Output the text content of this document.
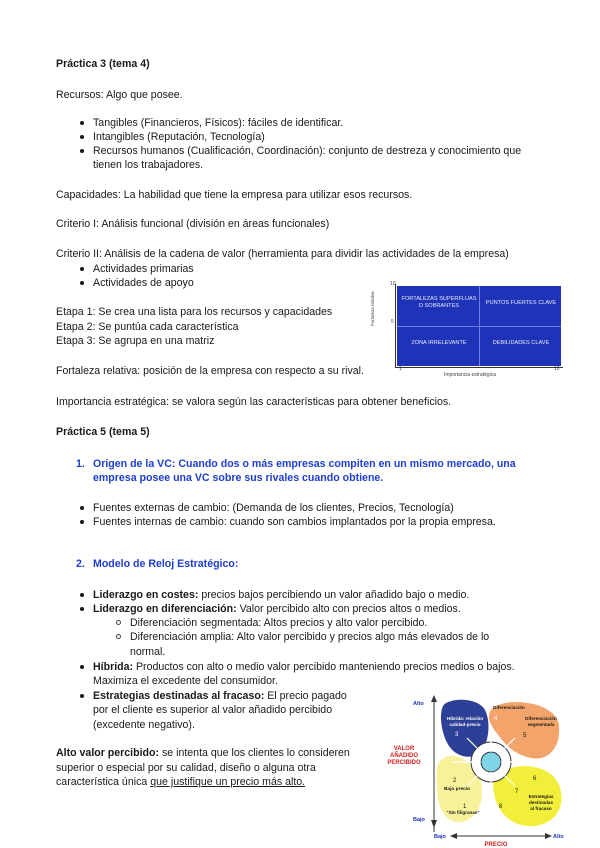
Práctica 3 (tema 4)
Recursos: Algo que posee.
Tangibles (Financieros, Físicos): fáciles de identificar.
Intangibles (Reputación, Tecnología)
Recursos humanos (Cualificación, Coordinación): conjunto de destreza y conocimiento que
tienen los trabajadores.
Capacidades: La habilidad que tiene la empresa para utilizar esos recursos.
Criterio I: Análisis funcional (división en áreas funcionales)
Criterio II: Análisis de la cadena de valor (herramienta para dividir las actividades de la empresa)
Actividades primarias
Actividades de apoyo
Etapa 1: Se crea una lista para los recursos y capacidades
Etapa 2: Se puntúa cada característica
Etapa 3: Se agrupa en una matriz
Fortaleza relativa: posición de la empresa con respecto a su rival.
Importancia estratégica: se valora según las características para obtener beneficios.
Fortaleza relativa
10
5
FORTALEZAS SUPERFLUAS D SOBRANTES	PUNTOS FUERTES CLAVE
ZONA IRRELEVANTE	DEBILIDADES CLAVE
1	10
Importancia estratégica
Práctica 5 (tema 5)
1. Origen de la VC: Cuando dos o más empresas compiten en un mismo mercado, una
empresa posee una VC sobre sus rivales cuando obtiene.
Fuentes externas de cambio: (Demanda de los clientes, Precios, Tecnología)
Fuentes internas de cambio: cuando son cambios implantados por la propia empresa.
2. Modelo de Reloj Estratégico:
Liderazgo en costes: precios bajos percibiendo un valor añadido bajo o medio.
Liderazgo en diferenciación: Valor percibido alto con precios altos o medios.
Diferenciación segmentada: Altos precios y alto valor percibido.
Diferenciación amplia: Alto valor percibido y precios algo más elevados de lo
normal.
Híbrida: Productos con alto o medio valor percibido manteniendo precios medios o bajos.
Maximiza el excedente del consumidor.
Estrategias destinadas al fracaso: El precio pagado
por el cliente es superior al valor añadido percibido
(excedente negativo).
Alto valor percibido: se intenta que los clientes lo consideren
superior o especial por su calidad, diseño o alguna otra
característica única que justifique un precio más alto.
Alto
Bajo
VALOR
AÑADIDO
PERCIBIDO
Bajo	Alto
PRECIO
Híbrida: relación
calidad-precio
Diferenciación
Diferenciación
segmentada
Bajo precio
"Sin filigranas"
Estrategias
destinadas
al fracaso
1
2
3
4
5
6
7
8
